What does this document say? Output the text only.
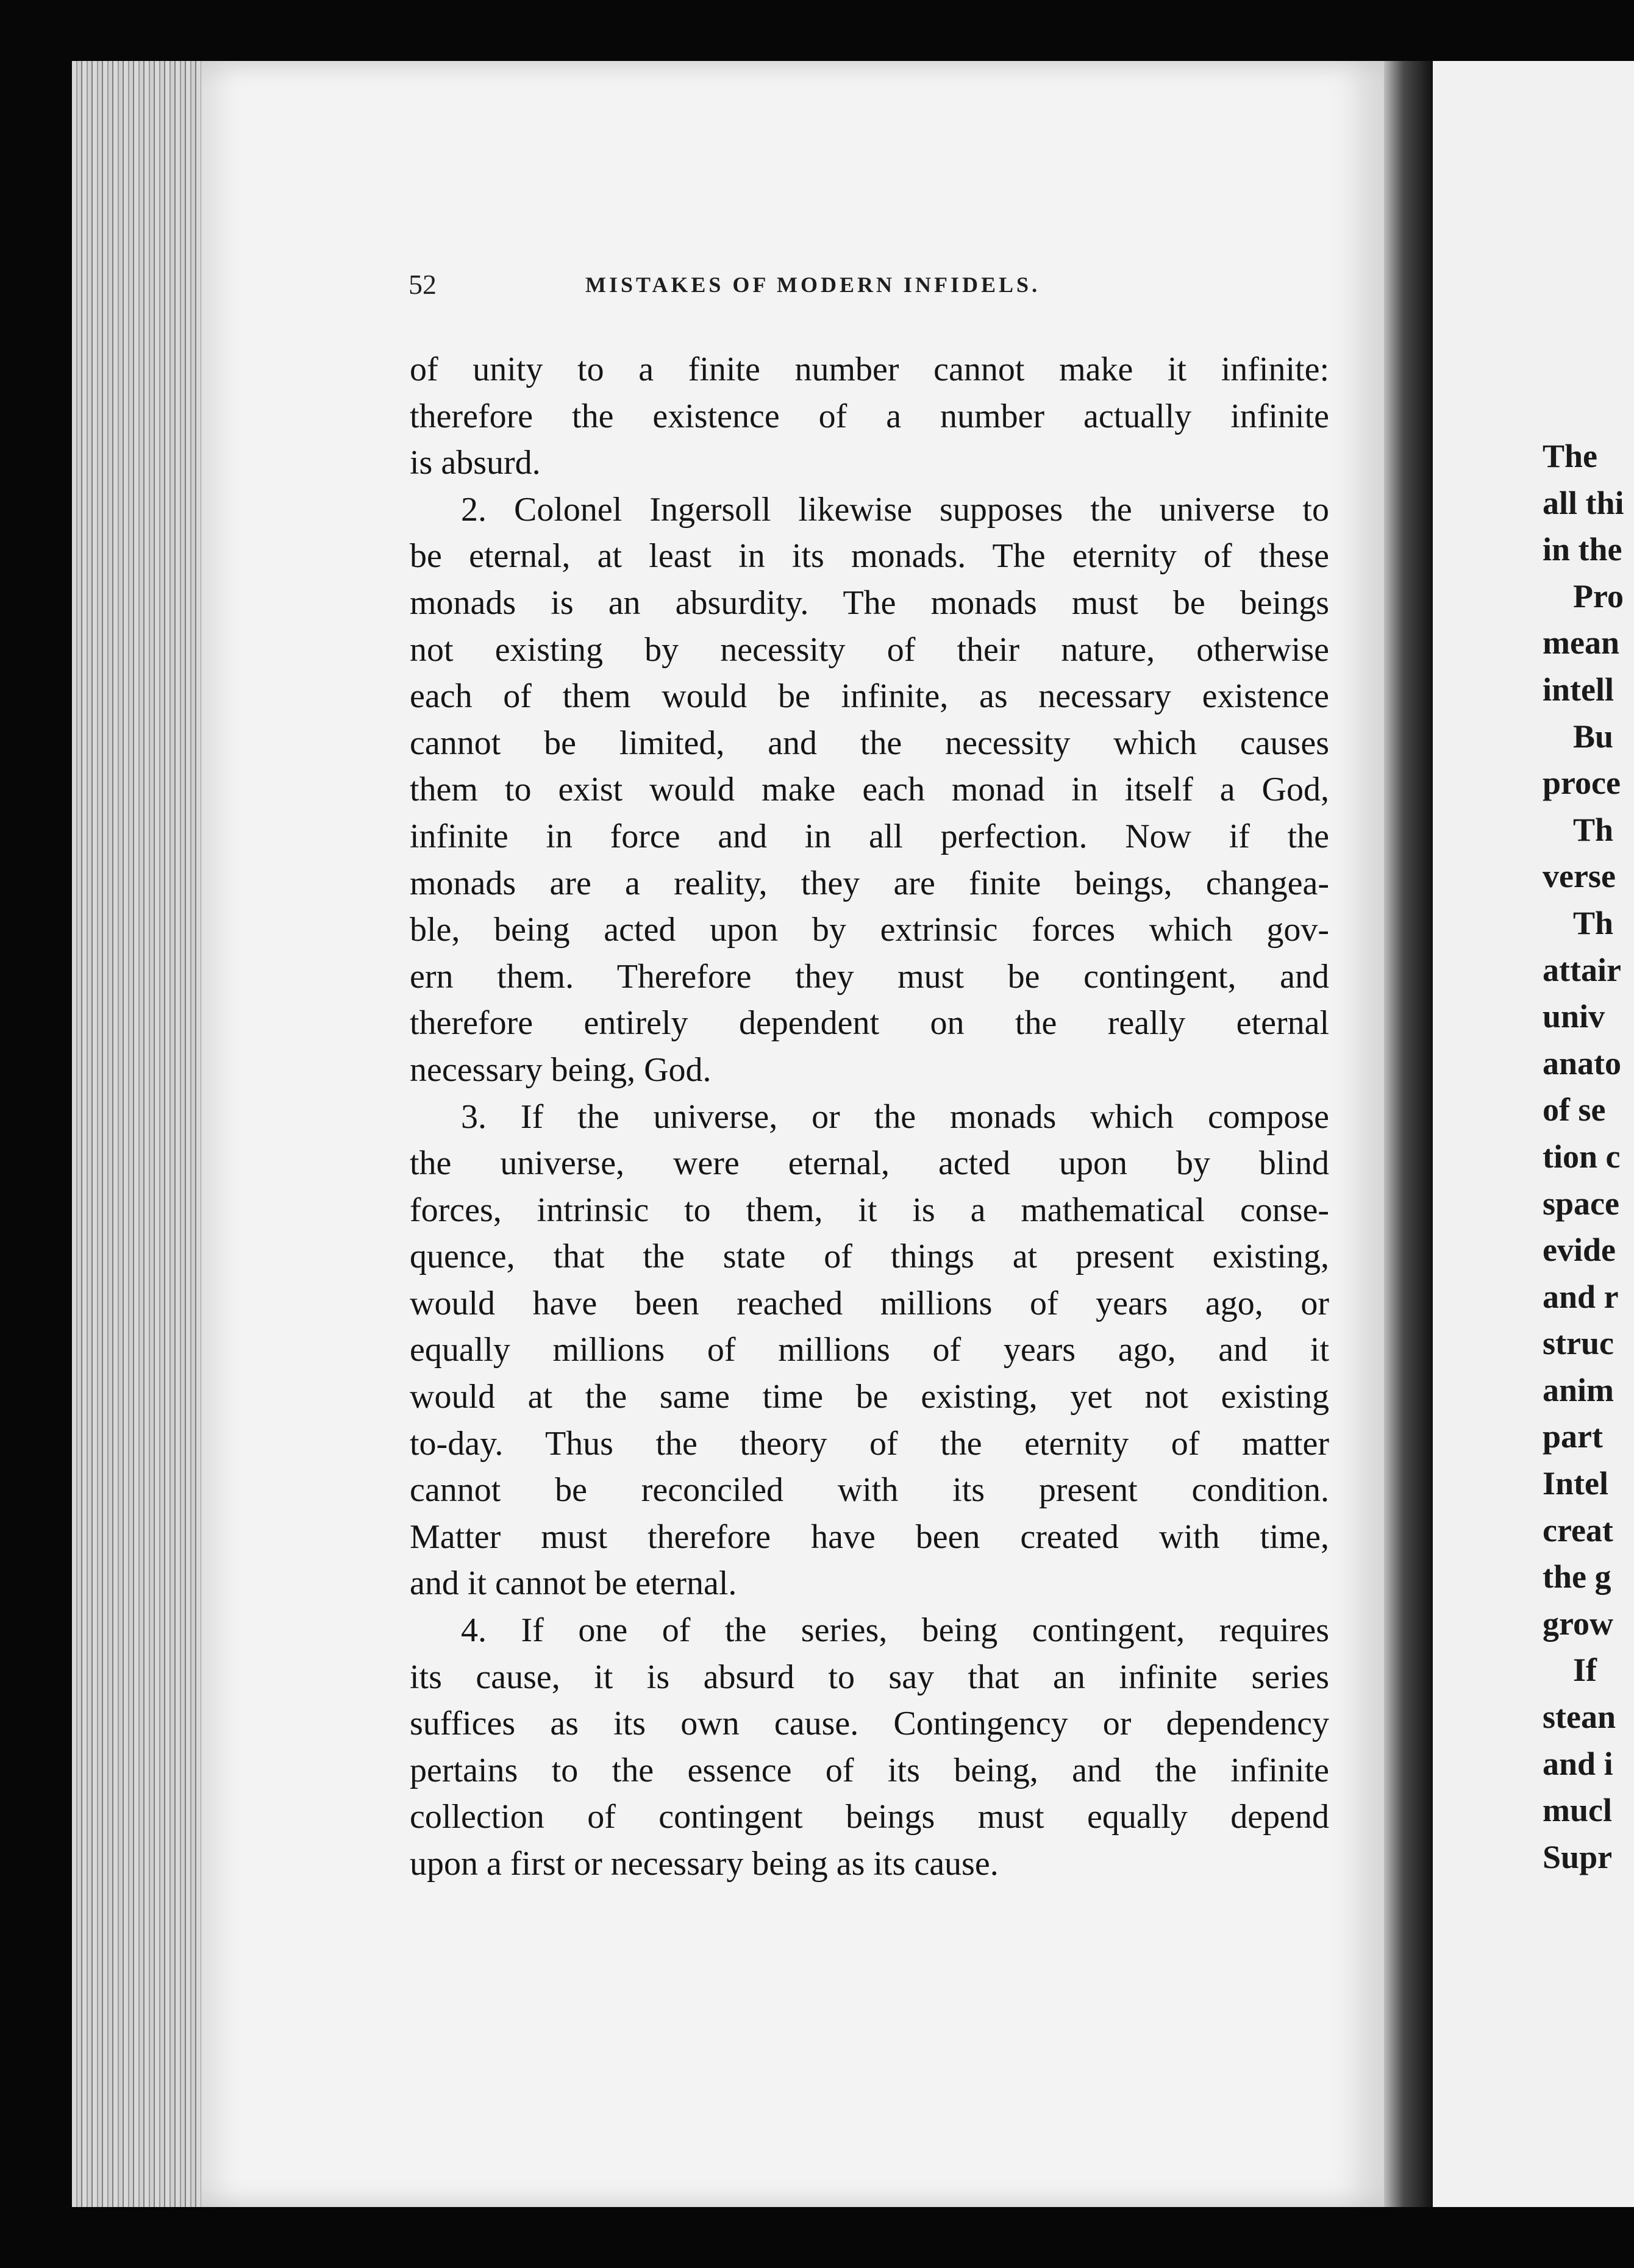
The
all thi
in the
Pro
mean
intell
Bu
proce
Th
verse
Th
attair
univ
anato
of se
tion c
space
evide
and r
struc
anim
part
Intel
creat
the g
grow
If
stean
and i
mucl
Supr
52	MISTAKES OF MODERN INFIDELS.
of unity to a finite number cannot make it infinite:
therefore the existence of a number actually infinite
is absurd.
2. Colonel Ingersoll likewise supposes the universe to
be eternal, at least in its monads. The eternity of these
monads is an absurdity. The monads must be beings
not existing by necessity of their nature, otherwise
each of them would be infinite, as necessary existence
cannot be limited, and the necessity which causes
them to exist would make each monad in itself a God,
infinite in force and in all perfection. Now if the
monads are a reality, they are finite beings, changea-
ble, being acted upon by extrinsic forces which gov-
ern them. Therefore they must be contingent, and
therefore entirely dependent on the really eternal
necessary being, God.
3. If the universe, or the monads which compose
the universe, were eternal, acted upon by blind
forces, intrinsic to them, it is a mathematical conse-
quence, that the state of things at present existing,
would have been reached millions of years ago, or
equally millions of millions of years ago, and it
would at the same time be existing, yet not existing
to-day. Thus the theory of the eternity of matter
cannot be reconciled with its present condition.
Matter must therefore have been created with time,
and it cannot be eternal.
4. If one of the series, being contingent, requires
its cause, it is absurd to say that an infinite series
suffices as its own cause. Contingency or dependency
pertains to the essence of its being, and the infinite
collection of contingent beings must equally depend
upon a first or necessary being as its cause.
